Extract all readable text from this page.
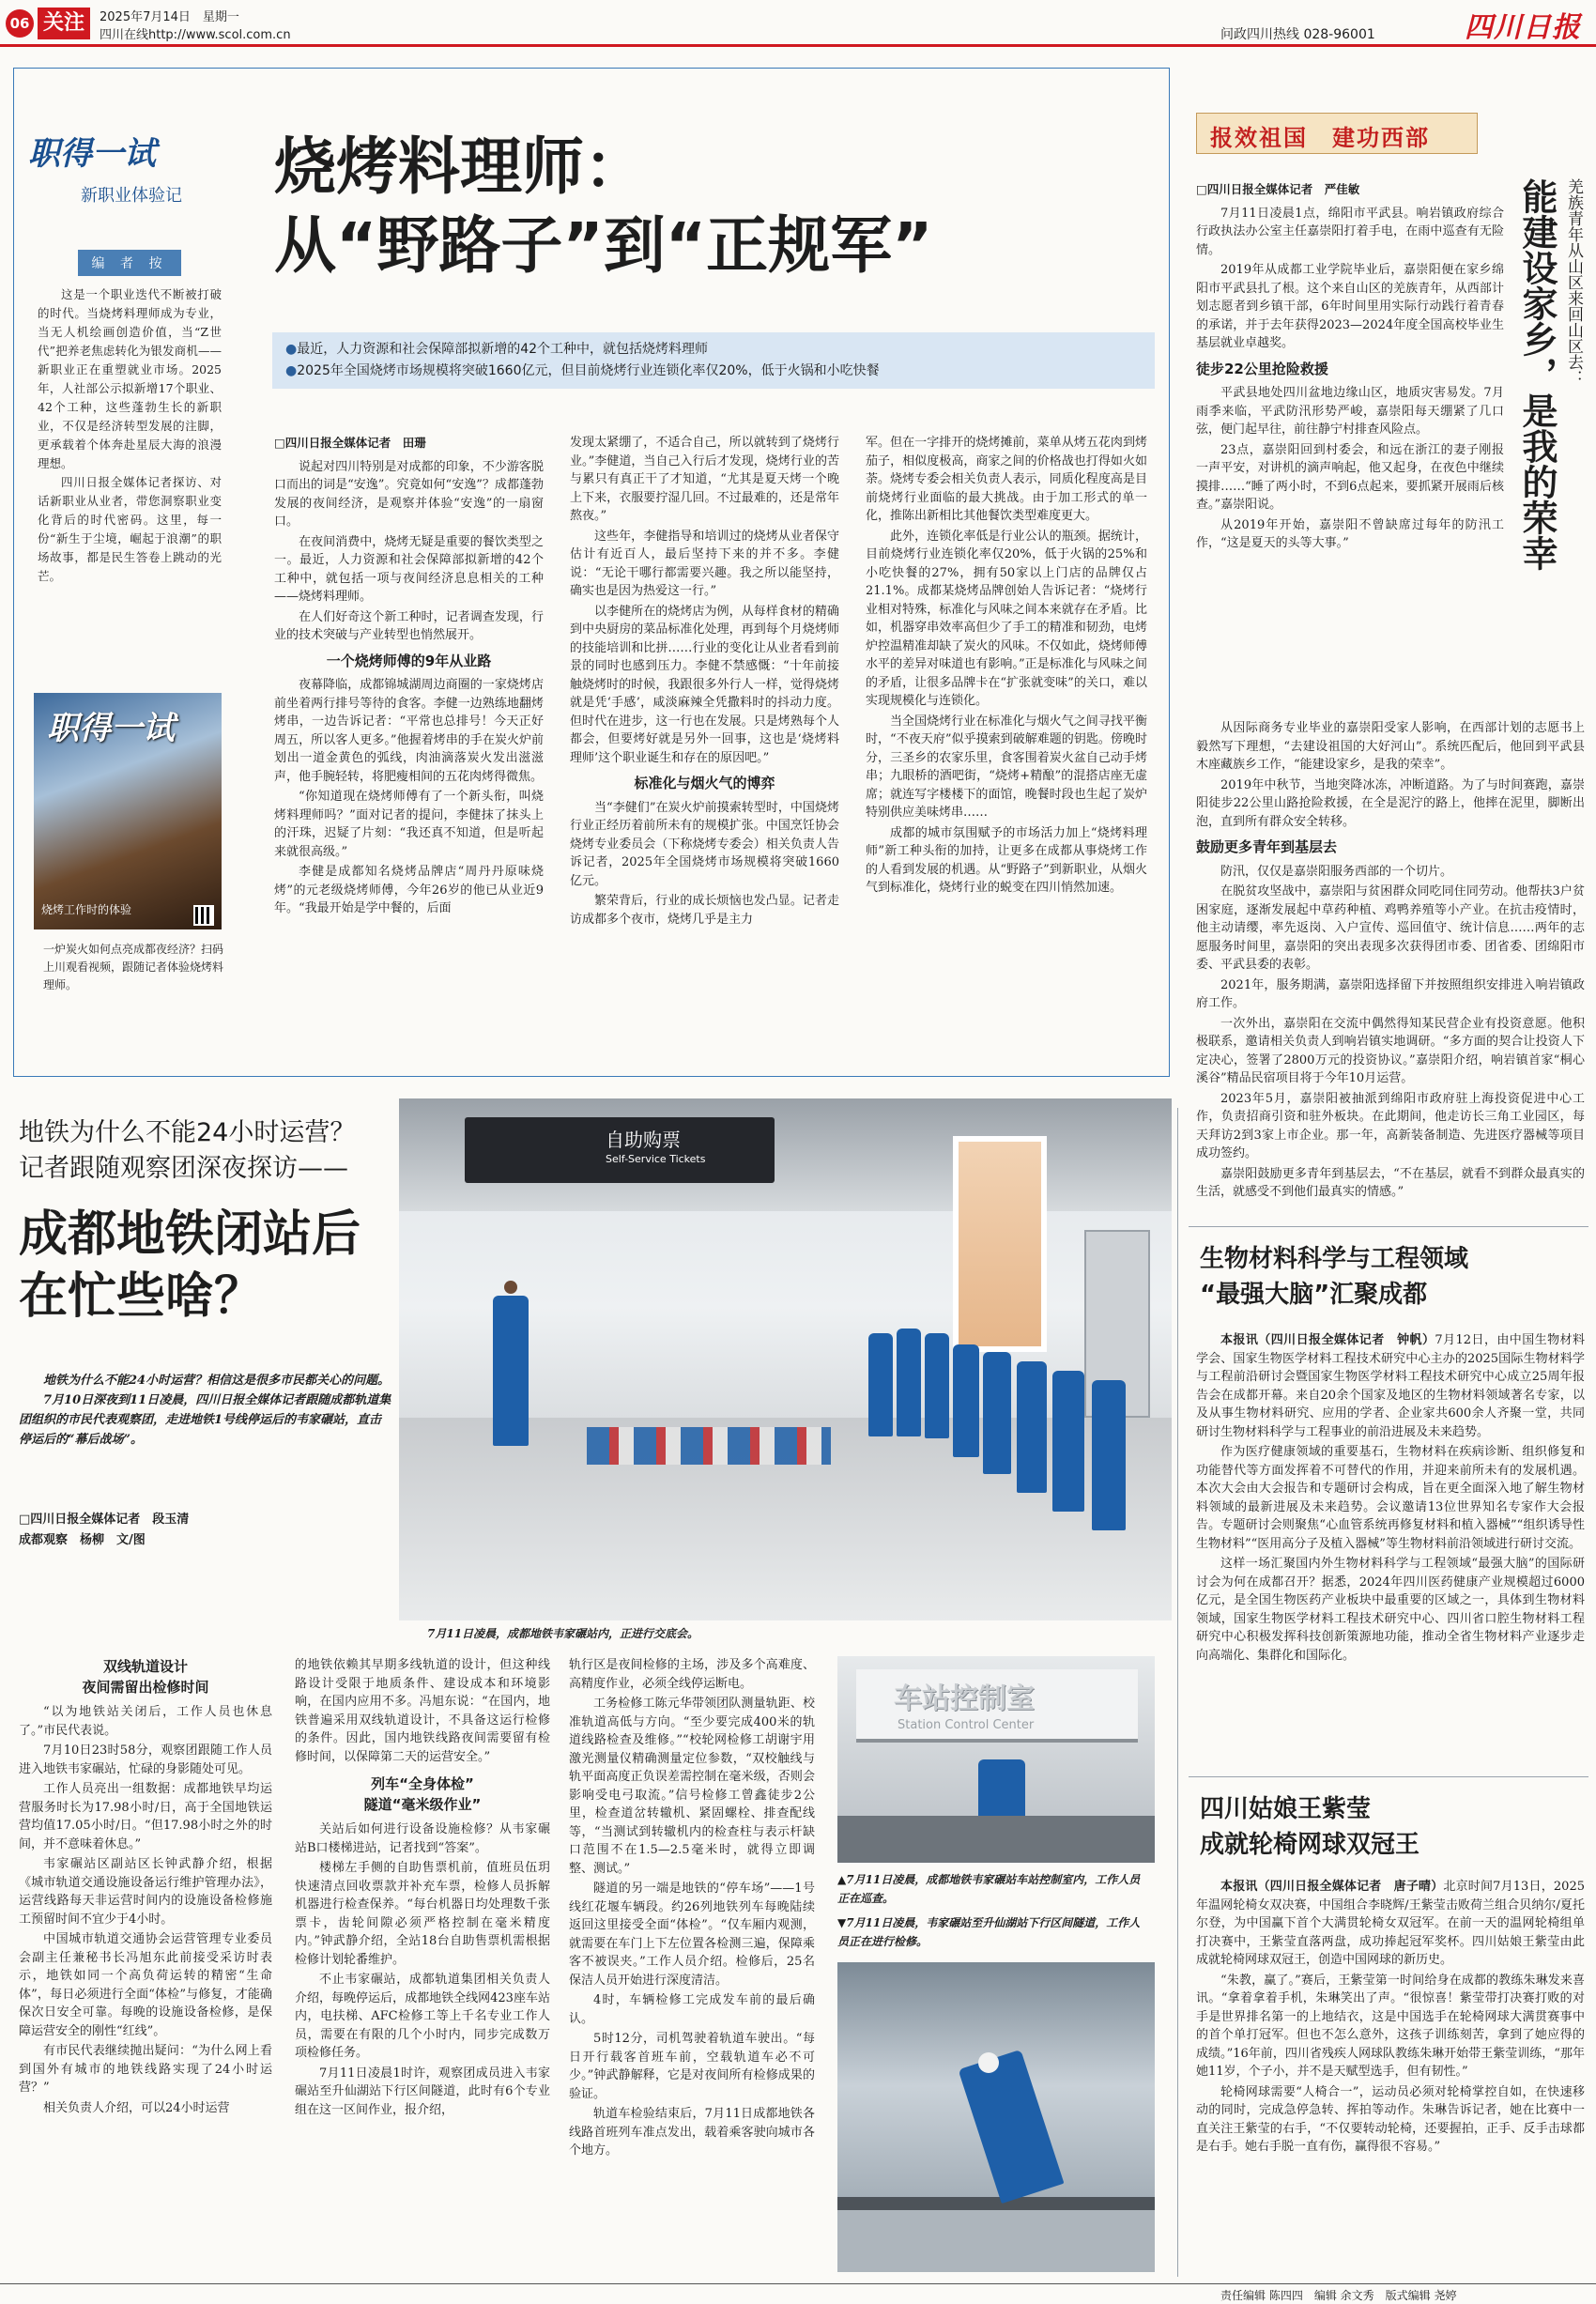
06 关注	2025年7月14日　星期一
四川在线http://www.scol.com.cn	问政四川热线 028-96001	四川日报
职得一试
新职业体验记
编 者 按

这是一个职业迭代不断被打破的时代。当烧烤料理师成为专业，当无人机绘画创造价值，当“Z世代”把养老焦虑转化为银发商机——新职业正在重塑就业市场。2025年，人社部公示拟新增17个职业、42个工种，这些蓬勃生长的新职业，不仅是经济转型发展的注脚，更承载着个体奔赴星辰大海的浪漫理想。

四川日报全媒体记者探访、对话新职业从业者，带您洞察职业变化背后的时代密码。这里，每一份“新生于尘境，崛起于浪潮”的职场故事，都是民生答卷上跳动的光芒。

职得一试
烧烤工作时的体验
一炉炭火如何点亮成都夜经济？扫码上川观看视频，跟随记者体验烧烤料理师。
烧烤料理师：
从“野路子”到“正规军”
●最近，人力资源和社会保障部拟新增的42个工种中，就包括烧烤料理师
●2025年全国烧烤市场规模将突破1660亿元，但目前烧烤行业连锁化率仅20%，低于火锅和小吃快餐
□四川日报全媒体记者　田珊

说起对四川特别是对成都的印象，不少游客脱口而出的词是“安逸”。究竟如何“安逸”？成都蓬勃发展的夜间经济，是观察并体验“安逸”的一扇窗口。

在夜间消费中，烧烤无疑是重要的餐饮类型之一。最近，人力资源和社会保障部拟新增的42个工种中，就包括一项与夜间经济息息相关的工种——烧烤料理师。

在人们好奇这个新工种时，记者调查发现，行业的技术突破与产业转型也悄然展开。

一个烧烤师傅的9年从业路

夜幕降临，成都锦城湖周边商圈的一家烧烤店前坐着两行排号等待的食客。李健一边熟练地翻烤烤串，一边告诉记者：“平常也总排号！今天正好周五，所以客人更多。”他握着烤串的手在炭火炉前划出一道金黄色的弧线，肉油滴落炭火发出滋滋声，他手腕轻转，将肥瘦相间的五花肉烤得微焦。

“你知道现在烧烤师傅有了一个新头衔，叫烧烤料理师吗？”面对记者的提问，李健抹了抹头上的汗珠，迟疑了片刻：“我还真不知道，但是听起来就很高级。”

李健是成都知名烧烤品牌店“周丹丹原味烧烤”的元老级烧烤师傅，今年26岁的他已从业近9年。“我最开始是学中餐的，后面

发现太紧绷了，不适合自己，所以就转到了烧烤行业。”李健道，当自己入行后才发现，烧烤行业的苦与累只有真正干了才知道，“尤其是夏天烤一个晚上下来，衣服要拧湿几回。不过最难的，还是常年熬夜。”

这些年，李健指导和培训过的烧烤从业者保守估计有近百人，最后坚持下来的并不多。李健说：“无论干哪行都需要兴趣。我之所以能坚持，确实也是因为热爱这一行。”

以李健所在的烧烤店为例，从每样食材的精确到中央厨房的菜品标准化处理，再到每个月烧烤师的技能培训和比拼……行业的变化让从业者看到前景的同时也感到压力。李健不禁感慨：“十年前接触烧烤时的时候，我跟很多外行人一样，觉得烧烤就是凭‘手感’，咸淡麻辣全凭撒料时的抖动力度。但时代在进步，这一行也在发展。只是烤熟每个人都会，但要烤好就是另外一回事，这也是‘烧烤料理师’这个职业诞生和存在的原因吧。”

标准化与烟火气的博弈

当“李健们”在炭火炉前摸索转型时，中国烧烤行业正经历着前所未有的规模扩张。中国烹饪协会烧烤专业委员会（下称烧烤专委会）相关负责人告诉记者，2025年全国烧烤市场规模将突破1660亿元。

繁荣背后，行业的成长烦恼也发凸显。记者走访成都多个夜市，烧烤几乎是主力

军。但在一字排开的烧烤摊前，菜单从烤五花肉到烤茄子，相似度极高，商家之间的价格战也打得如火如荼。烧烤专委会相关负责人表示，同质化程度高是目前烧烤行业面临的最大挑战。由于加工形式的单一化，推陈出新相比其他餐饮类型难度更大。

此外，连锁化率低是行业公认的瓶颈。据统计，目前烧烤行业连锁化率仅20%，低于火锅的25%和小吃快餐的27%，拥有50家以上门店的品牌仅占21.1%。成都某烧烤品牌创始人告诉记者：“烧烤行业相对特殊，标准化与风味之间本来就存在矛盾。比如，机器穿串效率高但少了手工的精准和韧劲，电烤炉控温精准却缺了炭火的风味。不仅如此，烧烤师傅水平的差异对味道也有影响。”正是标准化与风味之间的矛盾，让很多品牌卡在“扩张就变味”的关口，难以实现规模化与连锁化。

当全国烧烤行业在标准化与烟火气之间寻找平衡时，“不夜天府”似乎摸索到破解难题的钥匙。傍晚时分，三圣乡的农家乐里，食客围着炭火盆自己动手烤串；九眼桥的酒吧街，“烧烤+精酿”的混搭店座无虚席；就连写字楼楼下的面馆，晚餐时段也生起了炭炉特别供应美味烤串……

成都的城市氛围赋予的市场活力加上“烧烤料理师”新工种头衔的加持，让更多在成都从事烧烤工作的人看到发展的机遇。从“野路子”到新职业，从烟火气到标准化，烧烤行业的蜕变在四川悄然加速。

报效祖国　建功西部
羌族青年从山区来回山区去：
能建设家乡，是我的荣幸
□四川日报全媒体记者　严佳敏

7月11日凌晨1点，绵阳市平武县。响岩镇政府综合行政执法办公室主任嘉崇阳打着手电，在雨中巡查有无险情。

2019年从成都工业学院毕业后，嘉崇阳便在家乡绵阳市平武县扎了根。这个来自山区的羌族青年，从西部计划志愿者到乡镇干部，6年时间里用实际行动践行着青春的承诺，并于去年获得2023—2024年度全国高校毕业生基层就业卓越奖。

徒步22公里抢险救援

平武县地处四川盆地边缘山区，地质灾害易发。7月雨季来临，平武防汛形势严峻，嘉崇阳每天绷紧了几口弦，便门起早往，前往静宁村排查风险点。

23点，嘉崇阳回到村委会，和远在浙江的妻子刚报一声平安，对讲机的滴声响起，他又起身，在夜色中继续摸排……“睡了两小时，不到6点起来，要抓紧开展雨后核查。”嘉崇阳说。

从2019年开始，嘉崇阳不曾缺席过每年的防汛工作，“这是夏天的头等大事。”

从因际商务专业毕业的嘉崇阳受家人影响，在西部计划的志愿书上毅然写下理想，“去建设祖国的大好河山”。系统匹配后，他回到平武县木座藏族乡工作，“能建设家乡，是我的荣幸”。

2019年中秋节，当地突降冰冻，冲断道路。为了与时间赛跑，嘉崇阳徒步22公里山路抢险救援，在全是泥泞的路上，他摔在泥里，脚断出泡，直到所有群众安全转移。

鼓励更多青年到基层去

防汛，仅仅是嘉崇阳服务西部的一个切片。

在脱贫攻坚战中，嘉崇阳与贫困群众同吃同住同劳动。他帮扶3户贫困家庭，逐渐发展起中草药种植、鸡鸭养殖等小产业。在抗击疫情时，他主动请缨，率先返岗、入户宣传、巡回值守、统计信息……两年的志愿服务时间里，嘉崇阳的突出表现多次获得团市委、团省委、团绵阳市委、平武县委的表彰。

2021年，服务期满，嘉崇阳选择留下并按照组织安排进入响岩镇政府工作。

一次外出，嘉崇阳在交流中偶然得知某民营企业有投资意愿。他积极联系，邀请相关负责人到响岩镇实地调研。“多方面的契合让投资人下定决心，签署了2800万元的投资协议。”嘉崇阳介绍，响岩镇首家“桐心溪谷”精品民宿项目将于今年10月运营。

2023年5月，嘉崇阳被抽派到绵阳市政府驻上海投资促进中心工作，负责招商引资和驻外板块。在此期间，他走访长三角工业园区，每天拜访2到3家上市企业。那一年，高新装备制造、先进医疗器械等项目成功签约。

嘉崇阳鼓励更多青年到基层去，“不在基层，就看不到群众最真实的生活，就感受不到他们最真实的情感。”

地铁为什么不能24小时运营？
记者跟随观察团深夜探访——
成都地铁闭站后
在忙些啥？

地铁为什么不能24小时运营？相信这是很多市民都关心的问题。

7月10日深夜到11日凌晨，四川日报全媒体记者跟随成都轨道集团组织的市民代表观察团，走进地铁1号线停运后的韦家碾站，直击停运后的“幕后战场”。

□四川日报全媒体记者　段玉清
成都观察　杨柳　文/图
自助购票
Self-Service Tickets
7月11日凌晨，成都地铁韦家碾站内，正进行交底会。
双线轨道设计
夜间需留出检修时间

“以为地铁站关闭后，工作人员也休息了。”市民代表说。

7月10日23时58分，观察团跟随工作人员进入地铁韦家碾站，忙碌的身影随处可见。

工作人员亮出一组数据：成都地铁早均运营服务时长为17.98小时/日，高于全国地铁运营均值17.05小时/日。“但17.98小时之外的时间，并不意味着休息。”

韦家碾站区副站区长钟武静介绍，根据《城市轨道交通设施设备运行维护管理办法》，运营线路每天非运营时间内的设施设备检修施工预留时间不宜少于4小时。

中国城市轨道交通协会运营管理专业委员会副主任兼秘书长冯旭东此前接受采访时表示，地铁如同一个高负荷运转的精密“生命体”，每日必须进行全面“体检”与修复，才能确保次日安全可靠。每晚的设施设备检修，是保障运营安全的刚性“红线”。

有市民代表继续抛出疑问：“为什么网上看到国外有城市的地铁线路实现了24小时运营？”

相关负责人介绍，可以24小时运营

的地铁依赖其早期多线轨道的设计，但这种线路设计受限于地质条件、建设成本和环境影响，在国内应用不多。冯旭东说：“在国内，地铁普遍采用双线轨道设计，不具备这运行检修的条件。因此，国内地铁线路夜间需要留有检修时间，以保障第二天的运营安全。”

列车“全身体检”
隧道“毫米级作业”

关站后如何进行设备设施检修？从韦家碾站B口楼梯进站，记者找到“答案”。

楼梯左手侧的自助售票机前，值班员伍玥快速清点回收票款并补充车票，检修人员拆解机器进行检查保养。“每台机器日均处理数千张票卡，齿轮间隙必须严格控制在毫米精度内。”钟武静介绍，全站18台自助售票机需根据检修计划轮番维护。

不止韦家碾站，成都轨道集团相关负责人介绍，每晚停运后，成都地铁全线网423座车站内，电扶梯、AFC检修工等上千名专业工作人员，需要在有限的几个小时内，同步完成数万项检修任务。

7月11日凌晨1时许，观察团成员进入韦家碾站至升仙湖站下行区间隧道，此时有6个专业组在这一区间作业，报介绍，

轨行区是夜间检修的主场，涉及多个高难度、高精度作业，必须全线停运断电。

工务检修工陈元华带领团队测量轨距、校准轨道高低与方向。“至少要完成400米的轨道线路检查及维修。”“校轮网检修工胡谢宇用激光测量仪精确测量定位参数，“双校触线与轨平面高度正负误差需控制在毫米级，否则会影响受电弓取流。”信号检修工曾鑫徒步2公里，检查道岔转辙机、紧固螺栓、排查配线等，“当测试到转辙机内的检查柱与表示杆缺口范围不在1.5—2.5毫米时，就得立即调整、测试。”

隧道的另一端是地铁的“停车场”——1号线红花堰车辆段。约26列地铁列车每晚陆续返回这里接受全面“体检”。“仅车厢内观测，就需要在车门上下左位置各检测三遍，保障乘客不被误夹。”工作人员介绍。检修后，25名保洁人员开始进行深度清洁。

4时，车辆检修工完成发车前的最后确认。

5时12分，司机驾驶着轨道车驶出。“每日开行载客首班车前，空载轨道车必不可少。”钟武静解释，它是对夜间所有检修成果的验证。

轨道车检验结束后，7月11日成都地铁各线路首班列车准点发出，载着乘客驶向城市各个地方。

车站控制室
Station Control Center
▲7月11日凌晨，成都地铁韦家碾站车站控制室内，工作人员正在巡查。
▼7月11日凌晨，韦家碾站至升仙湖站下行区间隧道，工作人员正在进行检修。
生物材料科学与工程领域
“最强大脑”汇聚成都

本报讯（四川日报全媒体记者　钟帆）7月12日，由中国生物材料学会、国家生物医学材料工程技术研究中心主办的2025国际生物材料学与工程前沿研讨会暨国家生物医学材料工程技术研究中心成立25周年报告会在成都开幕。来自20余个国家及地区的生物材料领域著名专家，以及从事生物材料研究、应用的学者、企业家共600余人齐聚一堂，共同研讨生物材料科学与工程事业的前沿进展及未来趋势。

作为医疗健康领域的重要基石，生物材料在疾病诊断、组织修复和功能替代等方面发挥着不可替代的作用，并迎来前所未有的发展机遇。本次大会由大会报告和专题研讨会构成，旨在更全面深入地了解生物材料领域的最新进展及未来趋势。会议邀请13位世界知名专家作大会报告。专题研讨会则聚焦“心血管系统再修复材料和植入器械”“组织诱导性生物材料”“医用高分子及植入器械”等生物材料前沿领域进行研讨交流。

这样一场汇聚国内外生物材料科学与工程领域“最强大脑”的国际研讨会为何在成都召开？据悉，2024年四川医药健康产业规模超过6000亿元，是全国生物医药产业板块中最重要的区域之一，具体到生物材料领域，国家生物医学材料工程技术研究中心、四川省口腔生物材料工程研究中心积极发挥科技创新策源地功能，推动全省生物材料产业逐步走向高端化、集群化和国际化。

四川姑娘王紫莹
成就轮椅网球双冠王

本报讯（四川日报全媒体记者　唐子晴）北京时间7月13日，2025年温网轮椅女双决赛，中国组合李晓辉/王紫莹击败荷兰组合贝纳尔/夏托尔登，为中国赢下首个大满贯轮椅女双冠军。在前一天的温网轮椅组单打决赛中，王紫莹直落两盘，成功捧起冠军奖杯。四川姑娘王紫莹由此成就轮椅网球双冠王，创造中国网球的新历史。

“朱教，赢了。”赛后，王紫莹第一时间给身在成都的教练朱琳发来喜讯。“拿着拿着手机，朱琳笑出了声。“很惊喜！紫莹带打决赛打败的对手是世界排名第一的上地结衣，这是中国选手在轮椅网球大满贯赛事中的首个单打冠军。但也不怎么意外，这孩子训练刻苦，拿到了她应得的成绩。”16年前，四川省残疾人网球队教练朱琳开始带王紫莹训练，“那年她11岁，个子小，并不是天赋型选手，但有韧性。”

轮椅网球需要“人椅合一”，运动员必须对轮椅掌控自如，在快速移动的同时，完成急停急转、挥拍等动作。朱琳告诉记者，她在比赛中一直关注王紫莹的右手，“不仅要转动轮椅，还要握拍，正手、反手击球都是右手。她右手脱一直有伤，赢得很不容易。”

责任编辑 陈四四　编辑 余文秀　版式编辑 尧婷
